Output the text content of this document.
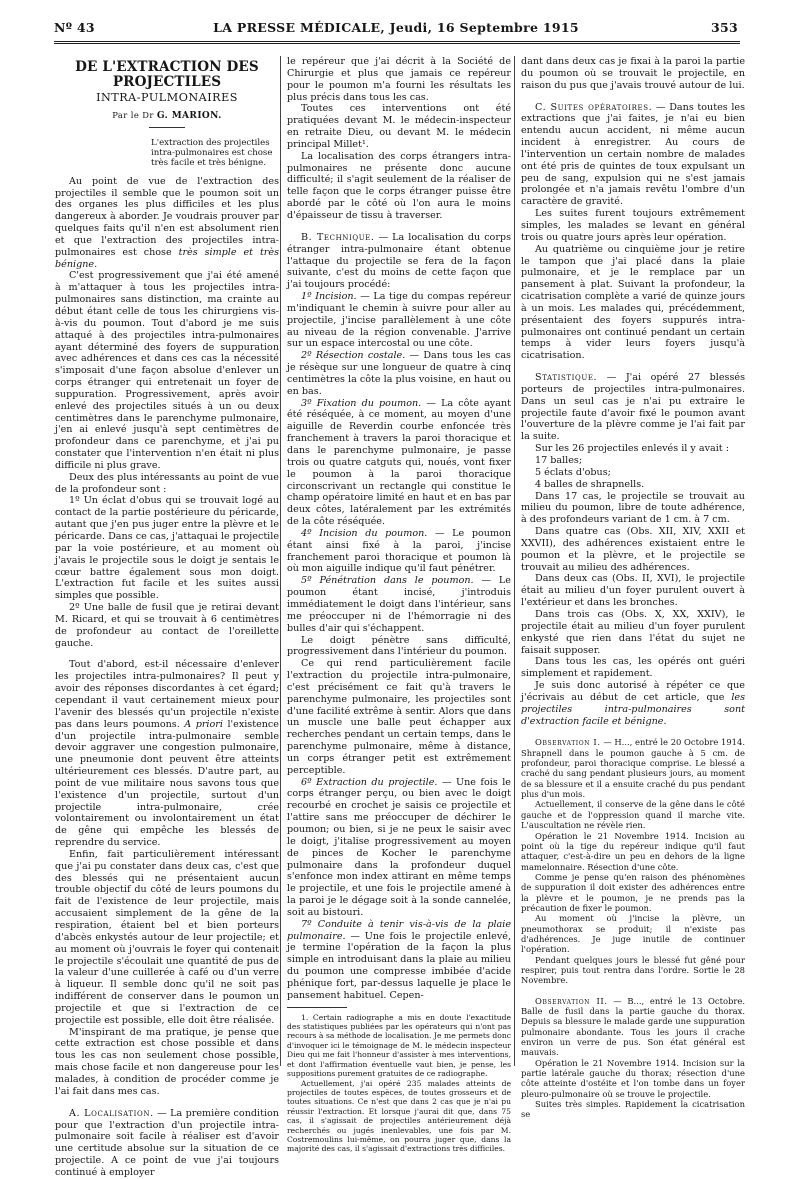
Nº 43	LA PRESSE MÉDICALE, Jeudi, 16 Septembre 1915	353
DE L'EXTRACTION DES PROJECTILES
INTRA-PULMONAIRES
Par le Dr G. MARION.
L'extraction des projectiles intra-pulmonaires est chose très facile et très bénigne.

Au point de vue de l'extraction des projectiles il semble que le poumon soit un des organes les plus difficiles et les plus dangereux à aborder. Je voudrais prouver par quelques faits qu'il n'en est absolument rien et que l'extraction des projectiles intra-pulmonaires est chose très simple et très bénigne.

C'est progressivement que j'ai été amené à m'attaquer à tous les projectiles intra-pulmonaires sans distinction, ma crainte au début étant celle de tous les chirurgiens vis-à-vis du poumon. Tout d'abord je me suis attaqué à des projectiles intra-pulmonaires ayant déterminé des foyers de suppuration avec adhérences et dans ces cas la nécessité s'imposait d'une façon absolue d'enlever un corps étranger qui entretenait un foyer de suppuration. Progressivement, après avoir enlevé des projectiles situés à un ou deux centimètres dans le parenchyme pulmonaire, j'en ai enlevé jusqu'à sept centimètres de profondeur dans ce parenchyme, et j'ai pu constater que l'intervention n'en était ni plus difficile ni plus grave.

Deux des plus intéressants au point de vue de la profondeur sont :

1º Un éclat d'obus qui se trouvait logé au contact de la partie postérieure du péricarde, autant que j'en pus juger entre la plèvre et le péricarde. Dans ce cas, j'attaquai le projectile par la voie postérieure, et au moment où j'avais le projectile sous le doigt je sentais le cœur battre également sous mon doigt. L'extraction fut facile et les suites aussi simples que possible.

2º Une balle de fusil que je retirai devant M. Ricard, et qui se trouvait à 6 centimètres de profondeur au contact de l'oreillette gauche.

Tout d'abord, est-il nécessaire d'enlever les projectiles intra-pulmonaires? Il peut y avoir des réponses discordantes à cet égard; cependant il vaut certainement mieux pour l'avenir des blessés qu'un projectile n'existe pas dans leurs poumons. A priori l'existence d'un projectile intra-pulmonaire semble devoir aggraver une congestion pulmonaire, une pneumonie dont peuvent être atteints ultérieurement ces blessés. D'autre part, au point de vue militaire nous savons tous que l'existence d'un projectile, surtout d'un projectile intra-pulmonaire, crée volontairement ou involontairement un état de gêne qui empêche les blessés de reprendre du service.

Enfin, fait particulièrement intéressant que j'ai pu constater dans deux cas, c'est que des blessés qui ne présentaient aucun trouble objectif du côté de leurs poumons du fait de l'existence de leur projectile, mais accusaient simplement de la gêne de la respiration, étaient bel et bien porteurs d'abcès enkystés autour de leur projectile; et au moment où j'ouvrais le foyer qui contenait le projectile s'écoulait une quantité de pus de la valeur d'une cuillerée à café ou d'un verre à liqueur. Il semble donc qu'il ne soit pas indifférent de conserver dans le poumon un projectile et que si l'extraction de ce projectile est possible, elle doit être réalisée.

M'inspirant de ma pratique, je pense que cette extraction est chose possible et dans tous les cas non seulement chose possible, mais chose facile et non dangereuse pour les malades, à condition de procéder comme je l'ai fait dans mes cas.

A. Localisation. — La première condition pour que l'extraction d'un projectile intra-pulmonaire soit facile à réaliser est d'avoir une certitude absolue sur la situation de ce projectile. A ce point de vue j'ai toujours continué à employer

le repéreur que j'ai décrit à la Société de Chirurgie et plus que jamais ce repéreur pour le poumon m'a fourni les résultats les plus précis dans tous les cas.

Toutes ces interventions ont été pratiquées devant M. le médecin-inspecteur en retraite Dieu, ou devant M. le médecin principal Millet¹.

La localisation des corps étrangers intra-pulmonaires ne présente donc aucune difficulté; il s'agit seulement de la réaliser de telle façon que le corps étranger puisse être abordé par le côté où l'on aura le moins d'épaisseur de tissu à traverser.

B. Technique. — La localisation du corps étranger intra-pulmonaire étant obtenue l'attaque du projectile se fera de la façon suivante, c'est du moins de cette façon que j'ai toujours procédé:

1º Incision. — La tige du compas repéreur m'indiquant le chemin à suivre pour aller au projectile, j'incise parallèlement à une côte au niveau de la région convenable. J'arrive sur un espace intercostal ou une côte.

2º Résection costale. — Dans tous les cas je résèque sur une longueur de quatre à cinq centimètres la côte la plus voisine, en haut ou en bas.

3º Fixation du poumon. — La côte ayant été réséquée, à ce moment, au moyen d'une aiguille de Reverdin courbe enfoncée très franchement à travers la paroi thoracique et dans le parenchyme pulmonaire, je passe trois ou quatre catguts qui, noués, vont fixer le poumon à la paroi thoracique circonscrivant un rectangle qui constitue le champ opératoire limité en haut et en bas par deux côtes, latéralement par les extrémités de la côte réséquée.

4º Incision du poumon. — Le poumon étant ainsi fixé à la paroi, j'incise franchement paroi thoracique et poumon là où mon aiguille indique qu'il faut pénétrer.

5º Pénétration dans le poumon. — Le poumon étant incisé, j'introduis immédiatement le doigt dans l'intérieur, sans me préoccuper ni de l'hémorragie ni des bulles d'air qui s'échappent.

Le doigt pénètre sans difficulté, progressivement dans l'intérieur du poumon.

Ce qui rend particulièrement facile l'extraction du projectile intra-pulmonaire, c'est précisément ce fait qu'à travers le parenchyme pulmonaire, les projectiles sont d'une facilité extrême à sentir. Alors que dans un muscle une balle peut échapper aux recherches pendant un certain temps, dans le parenchyme pulmonaire, même à distance, un corps étranger petit est extrêmement perceptible.

6º Extraction du projectile. — Une fois le corps étranger perçu, ou bien avec le doigt recourbé en crochet je saisis ce projectile et l'attire sans me préoccuper de déchirer le poumon; ou bien, si je ne peux le saisir avec le doigt, j'italise progressivement au moyen de pinces de Kocher le parenchyme pulmonaire dans la profondeur duquel s'enfonce mon index attirant en même temps le projectile, et une fois le projectile amené à la paroi je le dégage soit à la sonde cannelée, soit au bistouri.

7º Conduite à tenir vis-à-vis de la plaie pulmonaire. — Une fois le projectile enlevé, je termine l'opération de la façon la plus simple en introduisant dans la plaie au milieu du poumon une compresse imbibée d'acide phénique fort, par-dessus laquelle je place le pansement habituel. Cepen-

1. Certain radiographe a mis en doute l'exactitude des statistiques publiées par les opérateurs qui n'ont pas recours à sa méthode de localisation. Je me permets donc d'invoquer ici le témoignage de M. le médecin inspecteur Dieu qui me fait l'honneur d'assister à mes interventions, et dont l'affirmation éventuelle vaut bien, je pense, les suppositions purement gratuites de ce radiographe.

Actuellement, j'ai opéré 235 malades atteints de projectiles de toutes espèces, de toutes grosseurs et de toutes situations. Ce n'est que dans 2 cas que je n'ai pu réussir l'extraction. Et lorsque j'aurai dit que, dans 75 cas, il s'agissait de projectiles antérieurement déjà recherchés ou jugés inenlevables, une fois par M. Costremoulins lui-même, on pourra juger que, dans la majorité des cas, il s'agissait d'extractions très difficiles.

dant dans deux cas je fixai à la paroi la partie du poumon où se trouvait le projectile, en raison du pus que j'avais trouvé autour de lui.

C. Suites opératoires. — Dans toutes les extractions que j'ai faites, je n'ai eu bien entendu aucun accident, ni même aucun incident à enregistrer. Au cours de l'intervention un certain nombre de malades ont été pris de quintes de toux expulsant un peu de sang, expulsion qui ne s'est jamais prolongée et n'a jamais revêtu l'ombre d'un caractère de gravité.

Les suites furent toujours extrêmement simples, les malades se levant en général trois ou quatre jours après leur opération.

Au quatrième ou cinquième jour je retire le tampon que j'ai placé dans la plaie pulmonaire, et je le remplace par un pansement à plat. Suivant la profondeur, la cicatrisation complète a varié de quinze jours à un mois. Les malades qui, précédemment, présentaient des foyers suppurés intra-pulmonaires ont continué pendant un certain temps à vider leurs foyers jusqu'à cicatrisation.

Statistique. — J'ai opéré 27 blessés porteurs de projectiles intra-pulmonaires. Dans un seul cas je n'ai pu extraire le projectile faute d'avoir fixé le poumon avant l'ouverture de la plèvre comme je l'ai fait par la suite.

Sur les 26 projectiles enlevés il y avait :

17 balles;

5 éclats d'obus;

4 balles de shrapnells.

Dans 17 cas, le projectile se trouvait au milieu du poumon, libre de toute adhérence, à des profondeurs variant de 1 cm. à 7 cm.

Dans quatre cas (Obs. XII, XIV, XXII et XXVII), des adhérences existaient entre le poumon et la plèvre, et le projectile se trouvait au milieu des adhérences.

Dans deux cas (Obs. II, XVI), le projectile était au milieu d'un foyer purulent ouvert à l'extérieur et dans les bronches.

Dans trois cas (Obs. X, XX, XXIV), le projectile était au milieu d'un foyer purulent enkysté que rien dans l'état du sujet ne faisait supposer.

Dans tous les cas, les opérés ont guéri simplement et rapidement.

Je suis donc autorisé à répéter ce que j'écrivais au début de cet article, que les projectiles intra-pulmonaires sont d'extraction facile et bénigne.

Observation I. — H..., entré le 20 Octobre 1914. Shrapnell dans le poumon gauche à 5 cm. de profondeur, paroi thoracique comprise. Le blessé a craché du sang pendant plusieurs jours, au moment de sa blessure et il a ensuite craché du pus pendant plus d'un mois.

Actuellement, il conserve de la gêne dans le côté gauche et de l'oppression quand il marche vite. L'auscultation ne révèle rien.

Opération le 21 Novembre 1914. Incision au point où la tige du repéreur indique qu'il faut attaquer, c'est-à-dire un peu en dehors de la ligne mamelonnaire. Résection d'une côte.

Comme je pense qu'en raison des phénomènes de suppuration il doit exister des adhérences entre la plèvre et le poumon, je ne prends pas la précaution de fixer le poumon.

Au moment où j'incise la plèvre, un pneumothorax se produit; il n'existe pas d'adhérences. Je juge inutile de continuer l'opération.

Pendant quelques jours le blessé fut gêné pour respirer, puis tout rentra dans l'ordre. Sortie le 28 Novembre.

Observation II. — B..., entré le 13 Octobre. Balle de fusil dans la partie gauche du thorax. Depuis sa blessure le malade garde une suppuration pulmonaire abondante. Tous les jours il crache environ un verre de pus. Son état général est mauvais.

Opération le 21 Novembre 1914. Incision sur la partie latérale gauche du thorax; résection d'une côte atteinte d'ostéite et l'on tombe dans un foyer pleuro-pulmonaire où se trouve le projectile.

Suites très simples. Rapidement la cicatrisation se
